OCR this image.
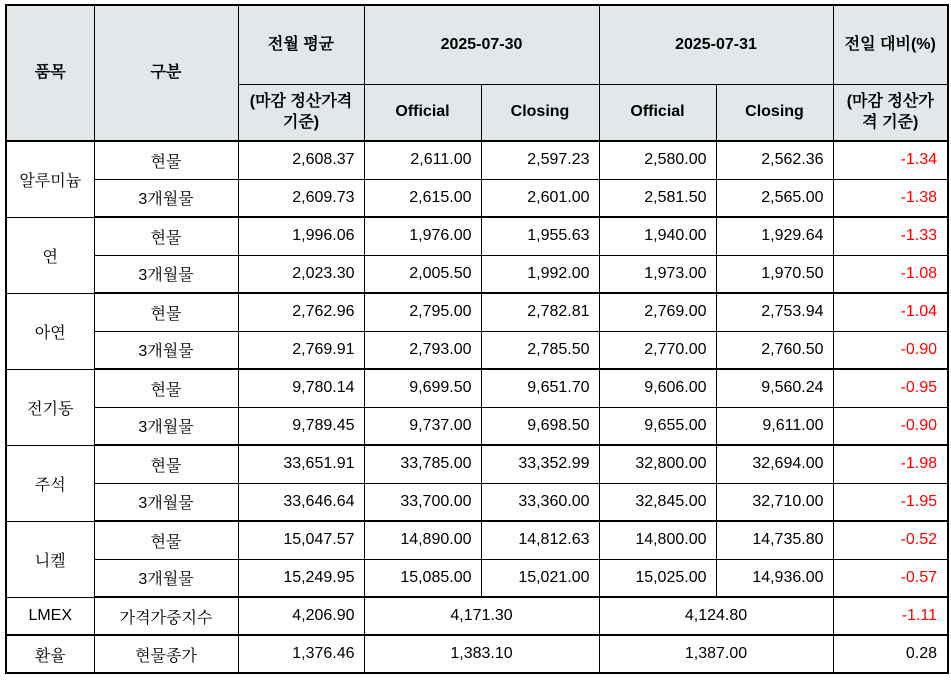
품목	구분	전월 평균	2025-07-30		2025-07-31		전일 대비(%)
		(마감 정산가격 기준)	Official	Closing	Official	Closing	(마감 정산가격 기준)
알루미늄	현물	2,608.37	2,611.00	2,597.23	2,580.00	2,562.36	-1.34
	3개월물	2,609.73	2,615.00	2,601.00	2,581.50	2,565.00	-1.38
연	현물	1,996.06	1,976.00	1,955.63	1,940.00	1,929.64	-1.33
	3개월물	2,023.30	2,005.50	1,992.00	1,973.00	1,970.50	-1.08
아연	현물	2,762.96	2,795.00	2,782.81	2,769.00	2,753.94	-1.04
	3개월물	2,769.91	2,793.00	2,785.50	2,770.00	2,760.50	-0.90
전기동	현물	9,780.14	9,699.50	9,651.70	9,606.00	9,560.24	-0.95
	3개월물	9,789.45	9,737.00	9,698.50	9,655.00	9,611.00	-0.90
주석	현물	33,651.91	33,785.00	33,352.99	32,800.00	32,694.00	-1.98
	3개월물	33,646.64	33,700.00	33,360.00	32,845.00	32,710.00	-1.95
니켈	현물	15,047.57	14,890.00	14,812.63	14,800.00	14,735.80	-0.52
	3개월물	15,249.95	15,085.00	15,021.00	15,025.00	14,936.00	-0.57
LMEX	가격가중지수	4,206.90	4,171.30		4,124.80		-1.11
환율	현물종가	1,376.46	1,383.10		1,387.00		0.28
